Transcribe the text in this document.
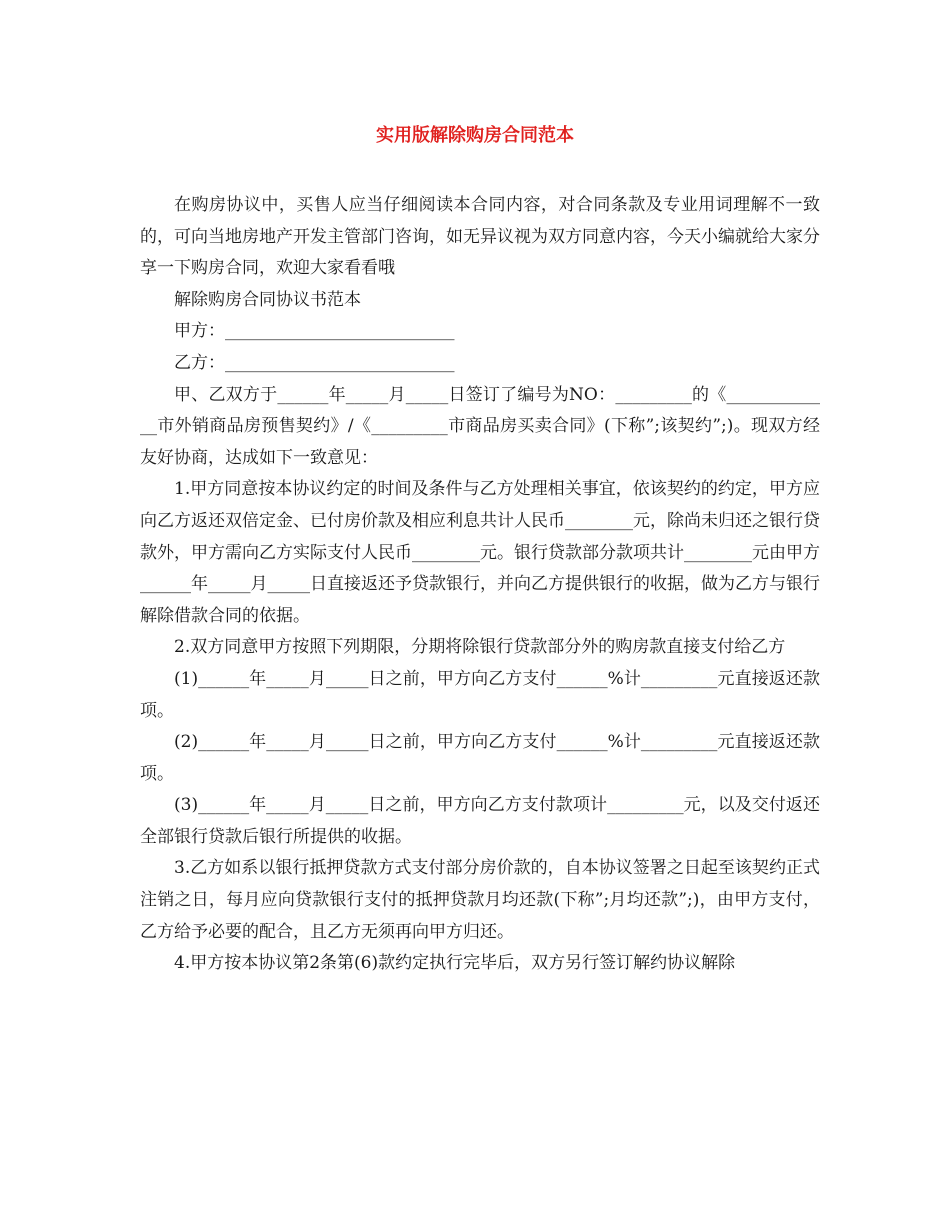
实用版解除购房合同范本

在购房协议中，买售人应当仔细阅读本合同内容，对合同条款及专业用词理解不一致的，可向当地房地产开发主管部门咨询，如无异议视为双方同意内容，今天小编就给大家分享一下购房合同，欢迎大家看看哦

解除购房合同协议书范本

甲方：___________________________

乙方：___________________________

甲、乙双方于______年_____月_____日签订了编号为NO：_________的《_____________市外销商品房预售契约》/《_________市商品房买卖合同》(下称”;该契约”;)。现双方经友好协商，达成如下一致意见：

1.甲方同意按本协议约定的时间及条件与乙方处理相关事宜，依该契约的约定，甲方应向乙方返还双倍定金、已付房价款及相应利息共计人民币________元，除尚未归还之银行贷款外，甲方需向乙方实际支付人民币________元。银行贷款部分款项共计________元由甲方______年_____月_____日直接返还予贷款银行，并向乙方提供银行的收据，做为乙方与银行解除借款合同的依据。

2.双方同意甲方按照下列期限，分期将除银行贷款部分外的购房款直接支付给乙方

(1)______年_____月_____日之前，甲方向乙方支付______%计_________元直接返还款项。

(2)______年_____月_____日之前，甲方向乙方支付______%计_________元直接返还款项。

(3)______年_____月_____日之前，甲方向乙方支付款项计_________元，以及交付返还全部银行贷款后银行所提供的收据。

3.乙方如系以银行抵押贷款方式支付部分房价款的，自本协议签署之日起至该契约正式注销之日，每月应向贷款银行支付的抵押贷款月均还款(下称”;月均还款”;)，由甲方支付，乙方给予必要的配合，且乙方无须再向甲方归还。

4.甲方按本协议第2条第(6)款约定执行完毕后，双方另行签订解约协议解除
